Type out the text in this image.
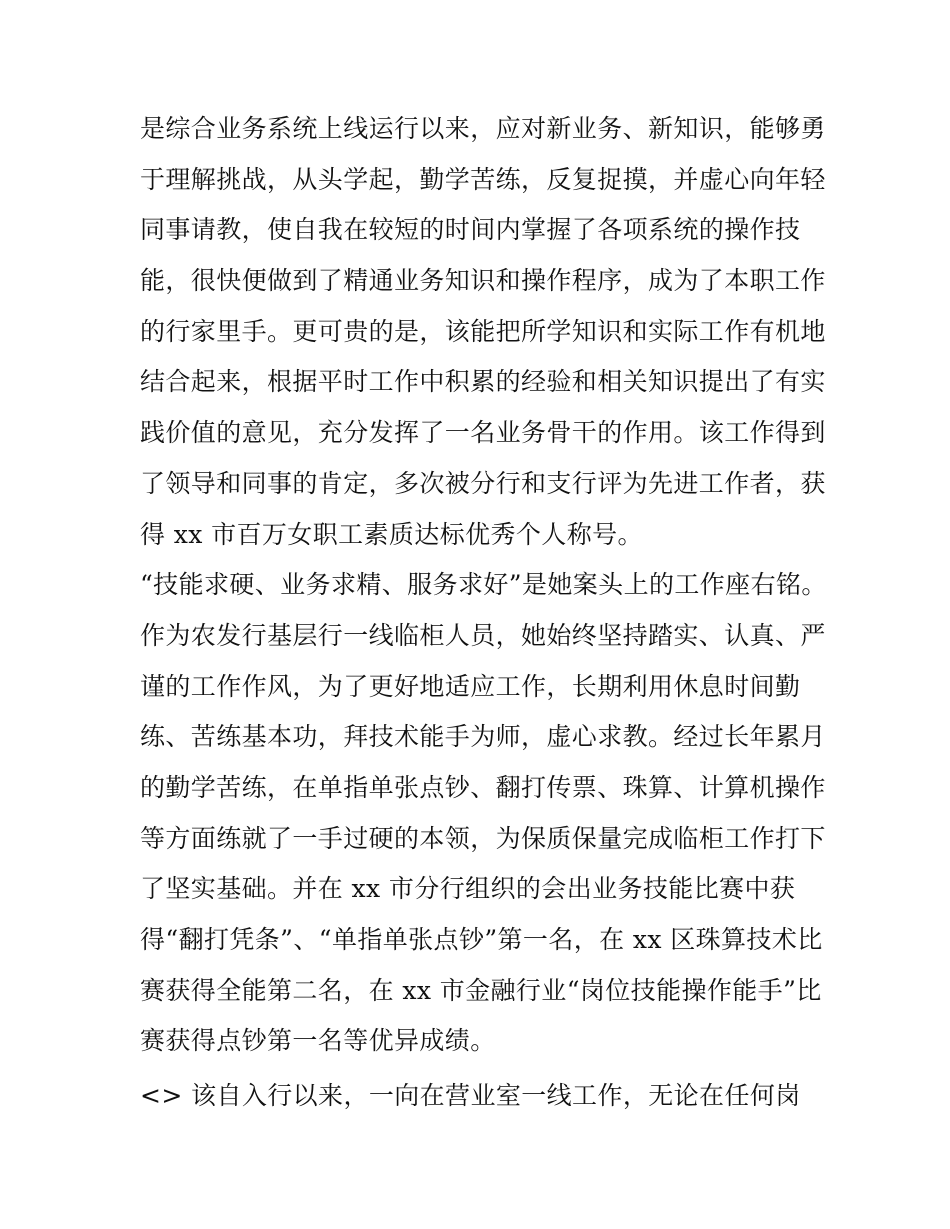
是综合业务系统上线运行以来，应对新业务、新知识，能够勇
于理解挑战，从头学起，勤学苦练，反复捉摸，并虚心向年轻
同事请教，使自我在较短的时间内掌握了各项系统的操作技
能，很快便做到了精通业务知识和操作程序，成为了本职工作
的行家里手。更可贵的是，该能把所学知识和实际工作有机地
结合起来，根据平时工作中积累的经验和相关知识提出了有实
践价值的意见，充分发挥了一名业务骨干的作用。该工作得到
了领导和同事的肯定，多次被分行和支行评为先进工作者，获
得 xx 市百万女职工素质达标优秀个人称号。
“技能求硬、业务求精、服务求好”是她案头上的工作座右铭。
作为农发行基层行一线临柜人员，她始终坚持踏实、认真、严
谨的工作作风，为了更好地适应工作，长期利用休息时间勤
练、苦练基本功，拜技术能手为师，虚心求教。经过长年累月
的勤学苦练，在单指单张点钞、翻打传票、珠算、计算机操作
等方面练就了一手过硬的本领，为保质保量完成临柜工作打下
了坚实基础。并在 xx 市分行组织的会出业务技能比赛中获
得“翻打凭条”、“单指单张点钞”第一名，在 xx 区珠算技术比
赛获得全能第二名，在 xx 市金融行业“岗位技能操作能手”比
赛获得点钞第一名等优异成绩。
<> 该自入行以来，一向在营业室一线工作，无论在任何岗
